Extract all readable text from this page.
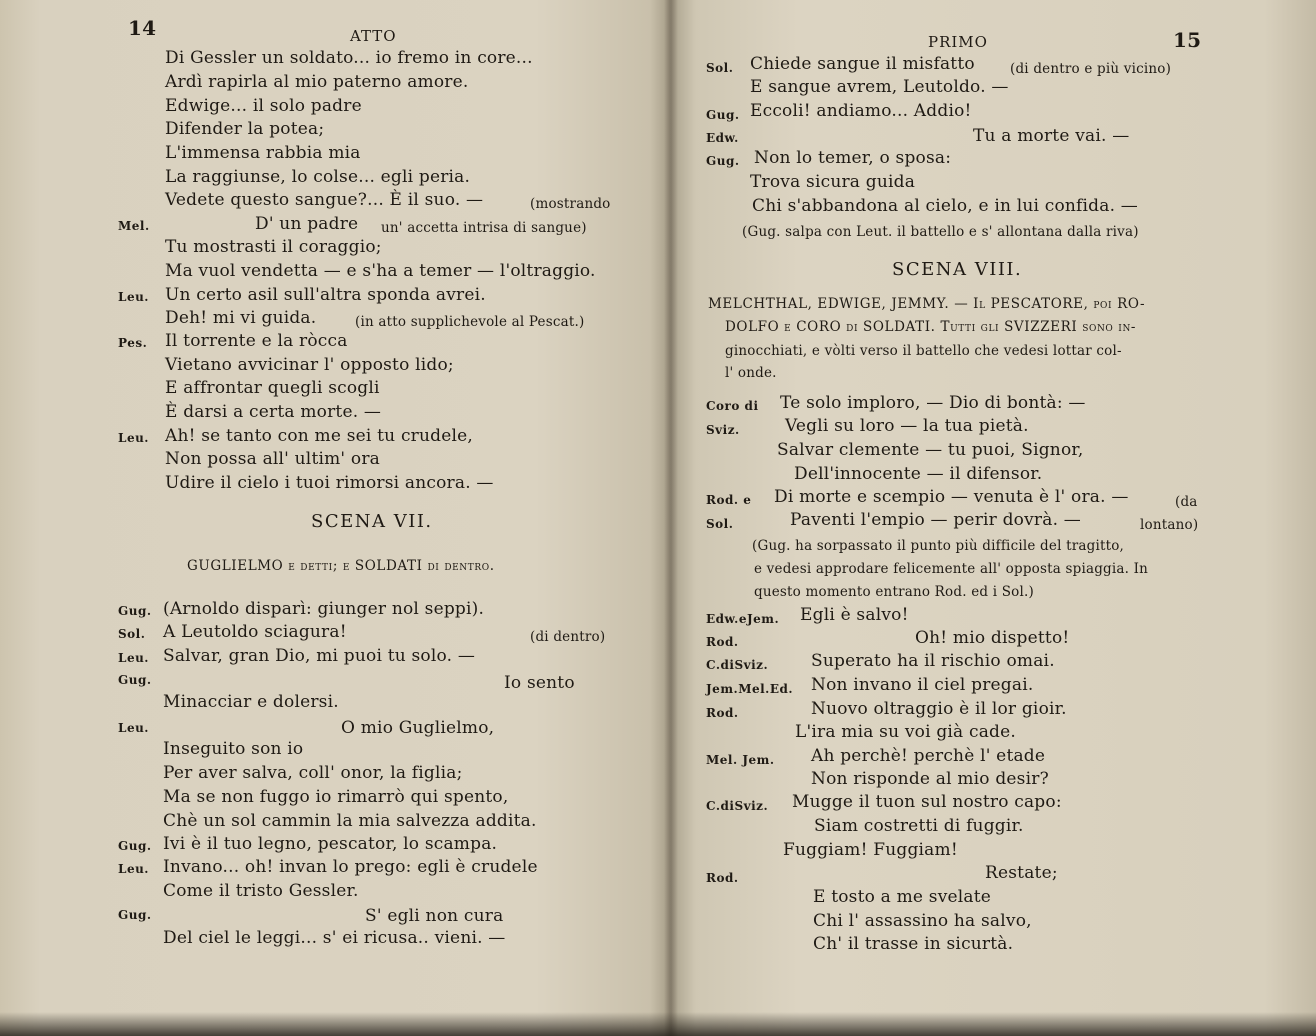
14	ATTO
Di Gessler un soldato... io fremo in core...
Ardì rapirla al mio paterno amore.
Edwige... il solo padre
Difender la potea;
L'immensa rabbia mia
La raggiunse, lo colse... egli peria.
Vedete questo sangue?... È il suo. —	(mostrando
Mel.	D' un padre un' accetta intrisa di sangue)
Tu mostrasti il coraggio;
Ma vuol vendetta — e s'ha a temer — l'oltraggio.
Leu. Un certo asil sull'altra sponda avrei.
Deh! mi vi guida.	(in atto supplichevole al Pescat.)
Pes. Il torrente e la ròcca
Vietano avvicinar l' opposto lido;
E affrontar quegli scogli
È darsi a certa morte. —
Leu. Ah! se tanto con me sei tu crudele,
Non possa all' ultim' ora
Udire il cielo i tuoi rimorsi ancora. —
SCENA VII.
GUGLIELMO e detti; e SOLDATI di dentro.
Gug. (Arnoldo disparì: giunger nol seppi).
Sol. A Leutoldo sciagura!	(di dentro)
Leu. Salvar, gran Dio, mi puoi tu solo. —
Gug.	Io sento
Minacciar e dolersi.
Leu.	O mio Guglielmo,
Inseguito son io
Per aver salva, coll' onor, la figlia;
Ma se non fuggo io rimarrò qui spento,
Chè un sol cammin la mia salvezza addita.
Gug. Ivi è il tuo legno, pescator, lo scampa.
Leu. Invano... oh! invan lo prego: egli è crudele
Come il tristo Gessler.
Gug.	S' egli non cura
Del ciel le leggi... s' ei ricusa.. vieni. —
PRIMO	15
Sol. Chiede sangue il misfatto	(di dentro e più vicino)
E sangue avrem, Leutoldo. —
Gug. Eccoli! andiamo... Addio!
Edw.	Tu a morte vai. —
Gug. Non lo temer, o sposa:
Trova sicura guida
Chi s'abbandona al cielo, e in lui confida. —
(Gug. salpa con Leut. il battello e s' allontana dalla riva)
SCENA VIII.
MELCHTHAL, EDWIGE, JEMMY. — Il PESCATORE, poi RO-
DOLFO e CORO di SOLDATI. Tutti gli SVIZZERI sono in-
ginocchiati, e vòlti verso il battello che vedesi lottar col-
l' onde.
Coro di Te solo imploro, — Dio di bontà: —
Sviz.	Vegli su loro — la tua pietà.
Salvar clemente — tu puoi, Signor,
Dell'innocente — il difensor.
Rod. e Di morte e scempio — venuta è l' ora. —	(da
Sol.	Paventi l'empio — perir dovrà. —	lontano)
(Gug. ha sorpassato il punto più difficile del tragitto,
e vedesi approdare felicemente all' opposta spiaggia. In
questo momento entrano Rod. ed i Sol.)
Edw.eJem. Egli è salvo!
Rod.	Oh! mio dispetto!
C.diSviz.	Superato ha il rischio omai.
Jem.Mel.Ed. Non invano il ciel pregai.
Rod.	Nuovo oltraggio è il lor gioir.
L'ira mia su voi già cade.
Mel. Jem. Ah perchè! perchè l' etade
Non risponde al mio desir?
C.diSviz. Mugge il tuon sul nostro capo:
Siam costretti di fuggir.
Fuggiam! Fuggiam!
Rod.	Restate;
E tosto a me svelate
Chi l' assassino ha salvo,
Ch' il trasse in sicurtà.
